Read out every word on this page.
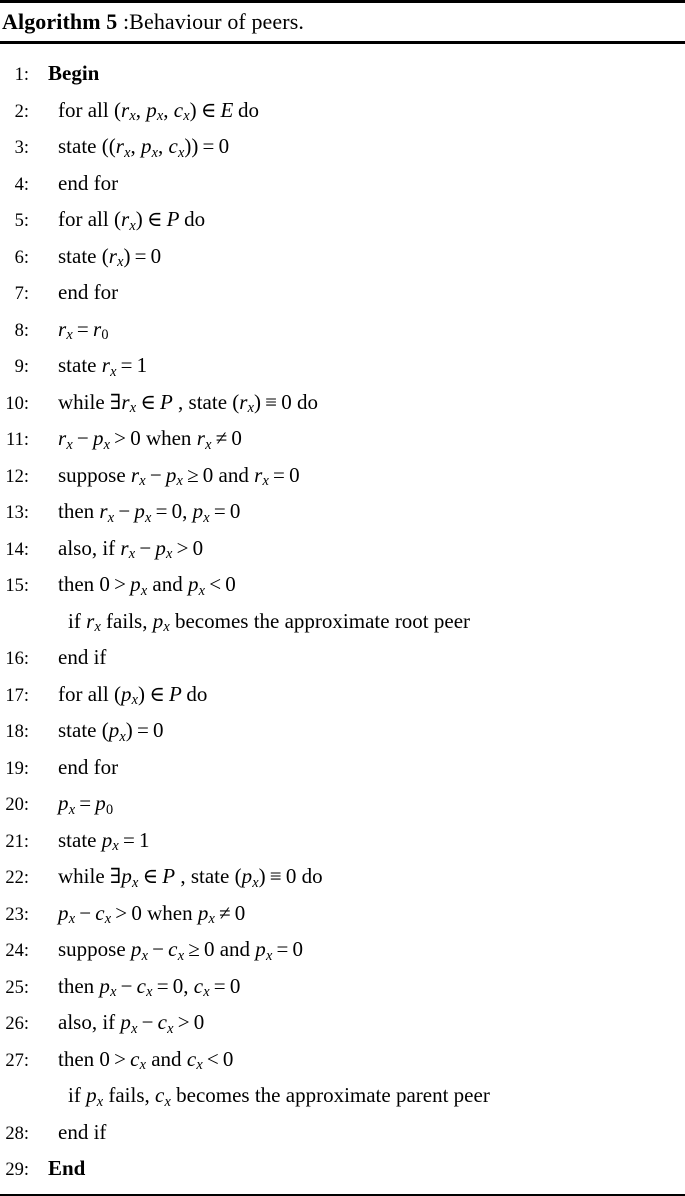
Algorithm 5 :Behaviour of peers.
1: Begin
2:	for all ($r_x$, $p_x$, $c_x$) ∈ E do
3:	state (($r_x$, $p_x$, $c_x)) = 0$
4:	end for
5:	for all $(r_x)$ ∈ P do
6:	state $(r_x) = 0$
7:	end for
8:	$r_x = r0$
9:	state $r_x = 1$
10:	while $\exists r_x$ ∈ P , state $(r_x) \equiv 0$ do
11:	$r_x - p_x > 0$ when $r_x \ne 0$
12:	suppose $r_x - p_x \ge 0$ and $r_x = 0$
13:	then $r_x - p_x = 0$, $p_x = 0$
14:	also, if $r_x - p_x > 0$
15:	then $0 > p_x$ and $p_x < 0$
if $r_x$ fails, $p_x$ becomes the approximate root peer
16:	end if
17:	for all $(p_x)$ ∈ P do
18:	state $(p_x) = 0$
19:	end for
20:	$p_x = p0$
21:	state $p_x = 1$
22:	while $\exists p_x$ ∈ P , state $(p_x) \equiv 0$ do
23:	$p_x - c_x > 0$ when $p_x \ne 0$
24:	suppose $p_x - c_x \ge 0$ and $p_x = 0$
25:	then $p_x - c_x = 0$, $c_x = 0$
26:	also, if $p_x - c_x > 0$
27:	then $0 > c_x$ and $c_x < 0$
if $p_x$ fails, $c_x$ becomes the approximate parent peer
28:	end if
29: End
